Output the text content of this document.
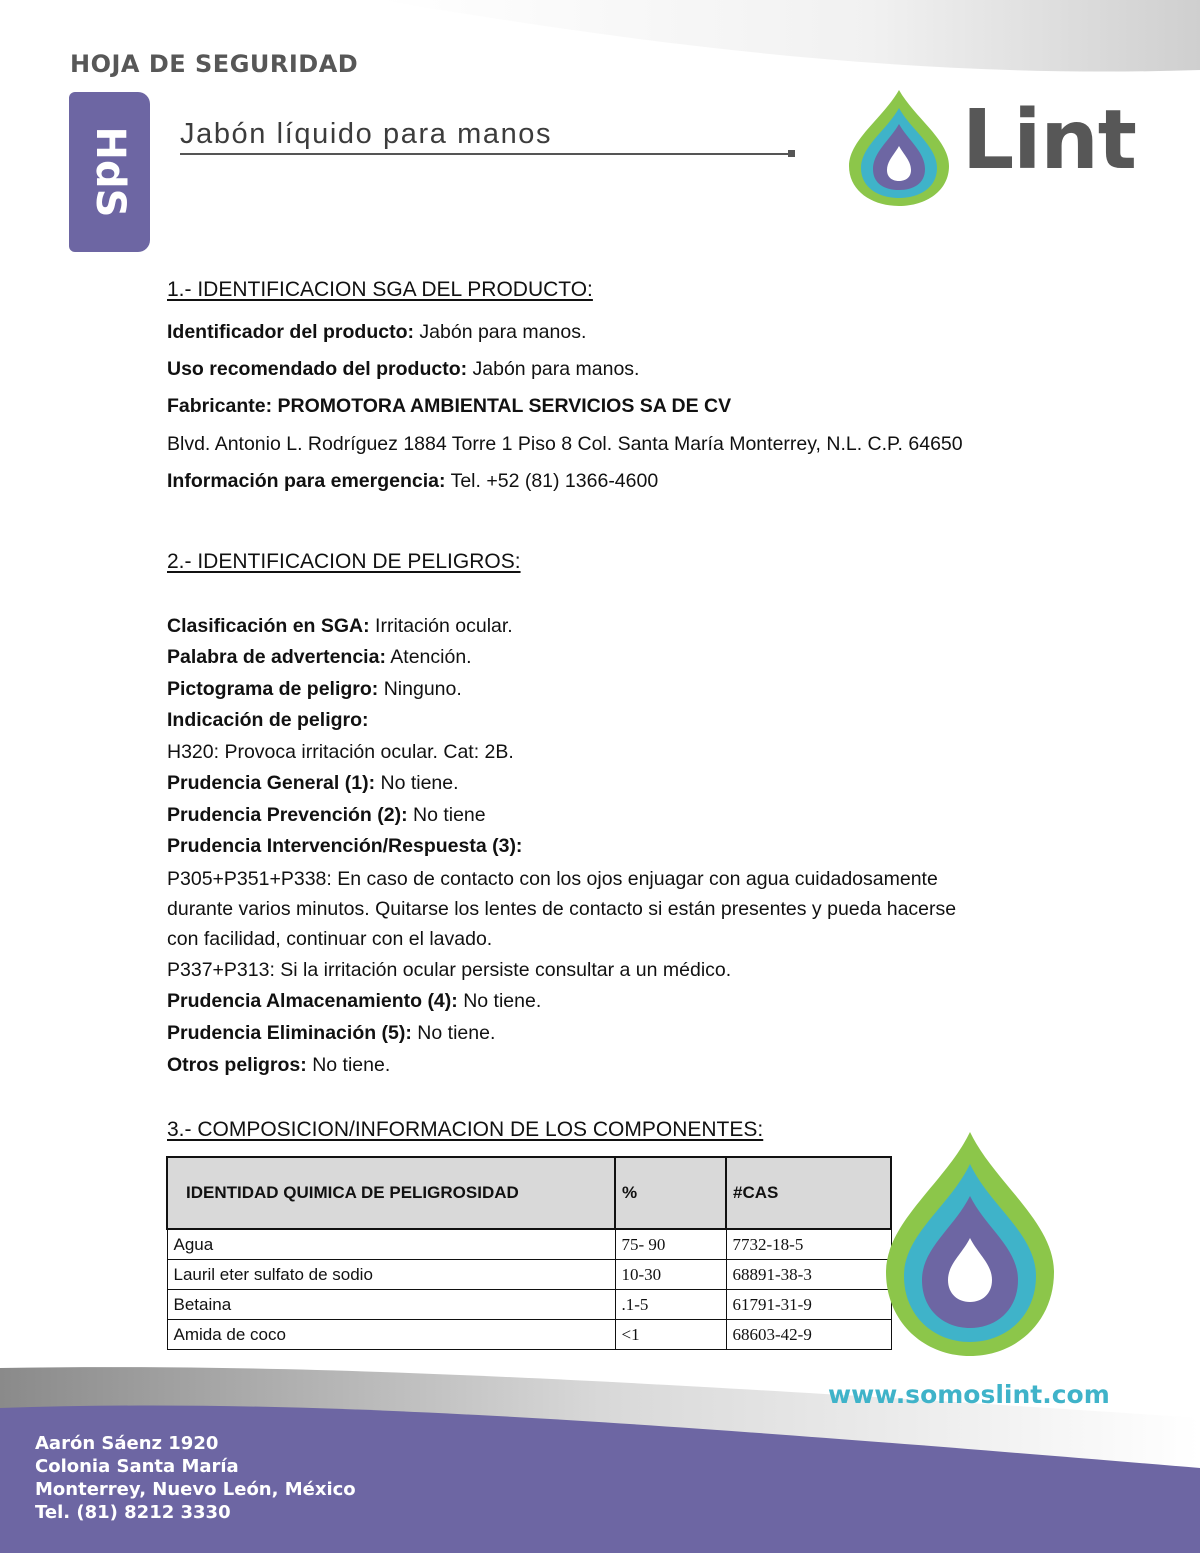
HOJA DE SEGURIDAD
HdS Jabón líquido para manos	Lint
1.- IDENTIFICACION SGA DEL PRODUCTO:
Identificador del producto: Jabón para manos.
Uso recomendado del producto: Jabón para manos.
Fabricante: PROMOTORA AMBIENTAL SERVICIOS SA DE CV
Blvd. Antonio L. Rodríguez 1884 Torre 1 Piso 8 Col. Santa María Monterrey, N.L. C.P. 64650
Información para emergencia: Tel. +52 (81) 1366-4600
2.- IDENTIFICACION DE PELIGROS:
Clasificación en SGA: Irritación ocular.
Palabra de advertencia: Atención.
Pictograma de peligro: Ninguno.
Indicación de peligro:
H320: Provoca irritación ocular. Cat: 2B.
Prudencia General (1): No tiene.
Prudencia Prevención (2): No tiene
Prudencia Intervención/Respuesta (3):
P305+P351+P338: En caso de contacto con los ojos enjuagar con agua cuidadosamente
durante varios minutos. Quitarse los lentes de contacto si están presentes y pueda hacerse
con facilidad, continuar con el lavado.
P337+P313: Si la irritación ocular persiste consultar a un médico.
Prudencia Almacenamiento (4): No tiene.
Prudencia Eliminación (5): No tiene.
Otros peligros: No tiene.
3.- COMPOSICION/INFORMACION DE LOS COMPONENTES:
IDENTIDAD QUIMICA DE PELIGROSIDAD	%	#CAS
Agua	75- 90	7732-18-5
Lauril eter sulfato de sodio	10-30	68891-38-3
Betaina	.1-5	61791-31-9
Amida de coco	<1	68603-42-9
www.somoslint.com
Aarón Sáenz 1920
Colonia Santa María
Monterrey, Nuevo León, México
Tel. (81) 8212 3330
